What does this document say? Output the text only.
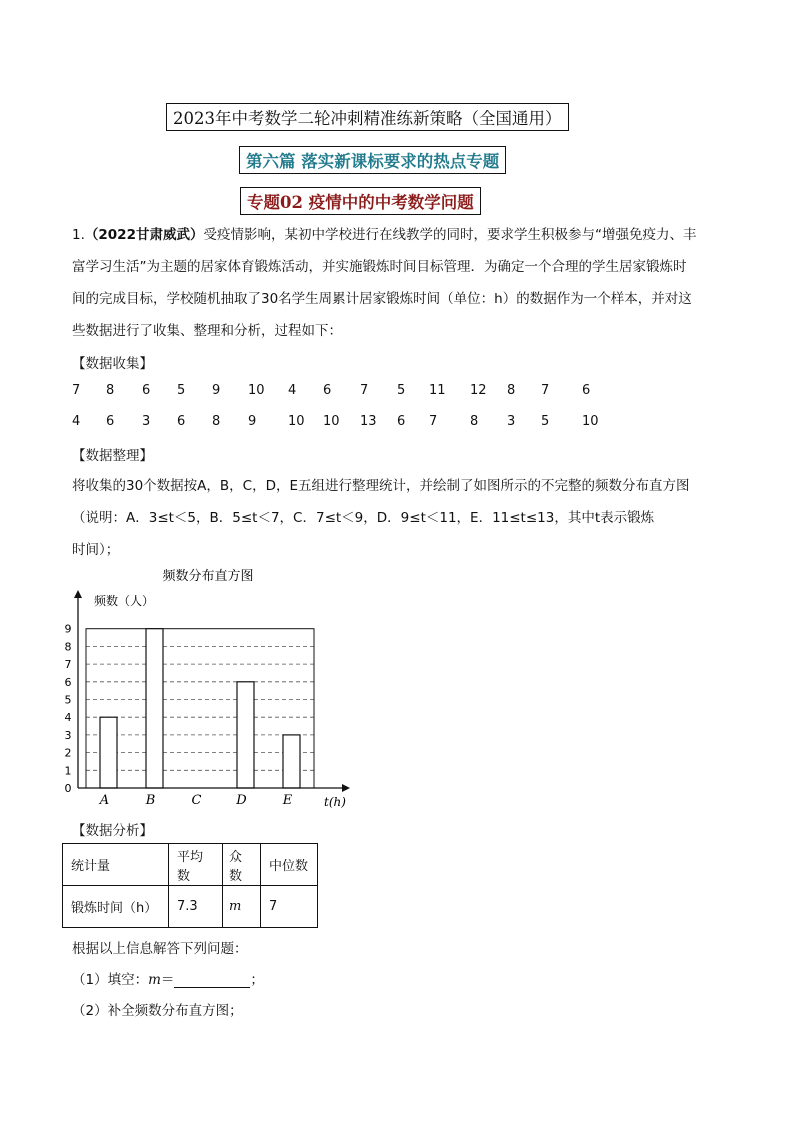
2023年中考数学二轮冲刺精准练新策略（全国通用）
第六篇 落实新课标要求的热点专题
专题02 疫情中的中考数学问题
1.（2022甘肃威武）受疫情影响，某初中学校进行在线教学的同时，要求学生积极参与“增强免疫力、丰
富学习生活”为主题的居家体育锻炼活动，并实施锻炼时间目标管理．为确定一个合理的学生居家锻炼时
间的完成目标，学校随机抽取了30名学生周累计居家锻炼时间（单位：h）的数据作为一个样本，并对这
些数据进行了收集、整理和分析，过程如下：
【数据收集】
7 8 6 5 9 10 4 6 7 5 11 12 8 7	6
4 6 3 6 8 9 10 10 13 6 7	8 3 5	10
【数据整理】
将收集的30个数据按A，B，C，D，E五组进行整理统计，并绘制了如图所示的不完整的频数分布直方图
（说明：A．3≤t＜5，B．5≤t＜7，C．7≤t＜9，D．9≤t＜11，E．11≤t≤13，其中t表示锻炼
时间）；
频数分布直方图
频数（人）
0
1
2
3
4
5
6
7
8
9
A	B	C	D	E	t(h)
【数据分析】
统计量	平均数	众数	中位数
锻炼时间（h）	7.3	m	7
根据以上信息解答下列问题：
（1）填空：m＝	；
（2）补全频数分布直方图；
